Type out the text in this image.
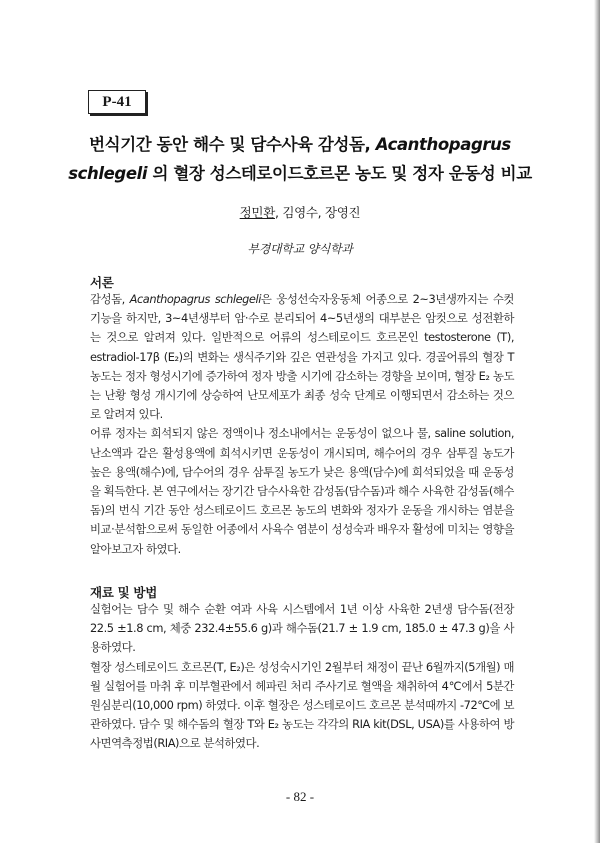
P-41
번식기간 동안 해수 및 담수사육 감성돔, Acanthopagrus
schlegeli 의 혈장 성스테로이드호르몬 농도 및 정자 운동성 비교
정민환, 김영수, 장영진
부경대학교 양식학과
서론

감성돔, Acanthopagrus schlegeli은 웅성선숙자웅동체 어종으로 2~3년생까지는 수컷 기능을 하지만, 3~4년생부터 암·수로 분리되어 4~5년생의 대부분은 암컷으로 성전환하는 것으로 알려져 있다. 일반적으로 어류의 성스테로이드 호르몬인 testosterone (T), estradiol-17β (E₂)의 변화는 생식주기와 깊은 연관성을 가지고 있다. 경골어류의 혈장 T 농도는 정자 형성시기에 증가하여 정자 방출 시기에 감소하는 경향을 보이며, 혈장 E₂ 농도는 난황 형성 개시기에 상승하여 난모세포가 최종 성숙 단계로 이행되면서 감소하는 것으로 알려져 있다.

어류 정자는 희석되지 않은 정액이나 정소내에서는 운동성이 없으나 물, saline solution, 난소액과 같은 활성용액에 희석시키면 운동성이 개시되며, 해수어의 경우 삼투질 농도가 높은 용액(해수)에, 담수어의 경우 삼투질 농도가 낮은 용액(담수)에 희석되었을 때 운동성을 획득한다. 본 연구에서는 장기간 담수사육한 감성돔(담수돔)과 해수 사육한 감성돔(해수돔)의 번식 기간 동안 성스테로이드 호르몬 농도의 변화와 정자가 운동을 개시하는 염분을 비교·분석함으로써 동일한 어종에서 사육수 염분이 성성숙과 배우자 활성에 미치는 영향을 알아보고자 하였다.

재료 및 방법

실험어는 담수 및 해수 순환 여과 사육 시스템에서 1년 이상 사육한 2년생 담수돔(전장 22.5 ±1.8 cm, 체중 232.4±55.6 g)과 해수돔(21.7 ± 1.9 cm, 185.0 ± 47.3 g)을 사용하였다.

혈장 성스테로이드 호르몬(T, E₂)은 성성숙시기인 2월부터 채정이 끝난 6월까지(5개월) 매월 실험어를 마취 후 미부혈관에서 헤파린 처리 주사기로 혈액을 채취하여 4℃에서 5분간 원심분리(10,000 rpm) 하였다. 이후 혈장은 성스테로이드 호르몬 분석때까지 -72℃에 보관하였다. 담수 및 해수돔의 혈장 T와 E₂ 농도는 각각의 RIA kit(DSL, USA)를 사용하여 방사면역측정법(RIA)으로 분석하였다.

- 82 -
